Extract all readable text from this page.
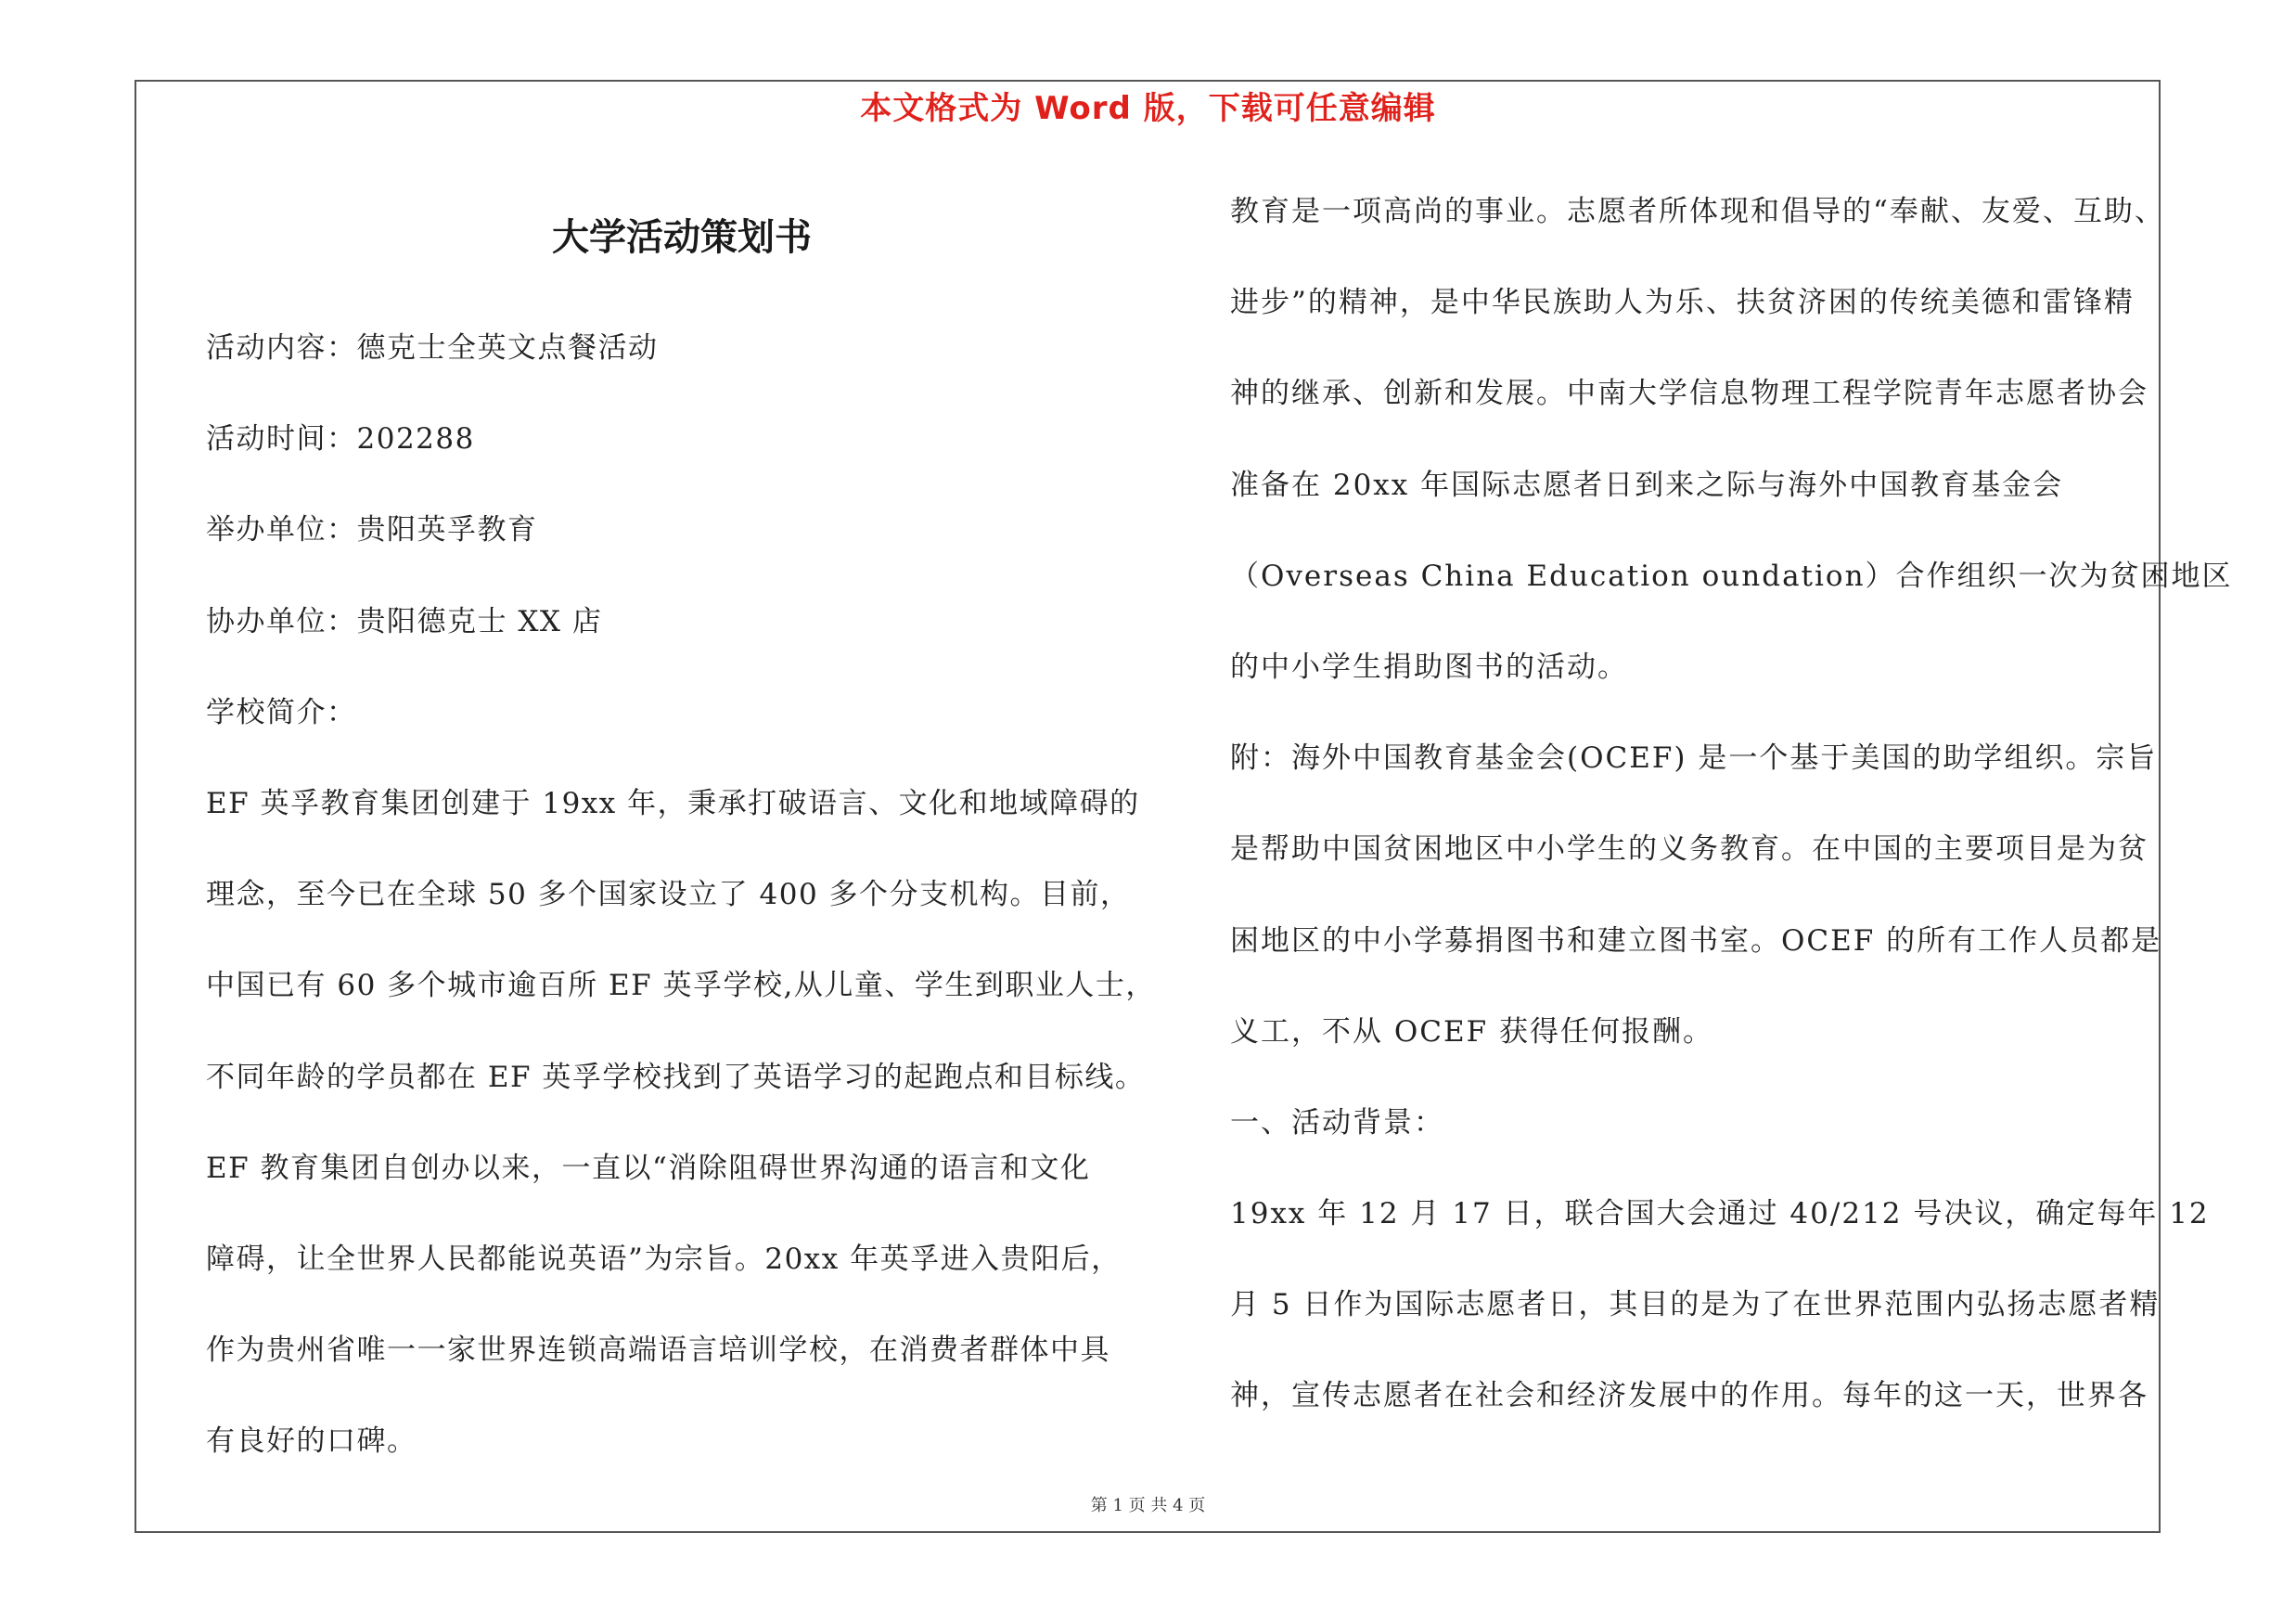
本文格式为 Word 版，下载可任意编辑
大学活动策划书
活动内容：德克士全英文点餐活动
活动时间：202288
举办单位：贵阳英孚教育
协办单位：贵阳德克士 XX 店
学校简介：
EF 英孚教育集团创建于 19xx 年，秉承打破语言、文化和地域障碍的
理念，至今已在全球 50 多个国家设立了 400 多个分支机构。目前，
中国已有 60 多个城市逾百所 EF 英孚学校,从儿童、学生到职业人士，
不同年龄的学员都在 EF 英孚学校找到了英语学习的起跑点和目标线。
EF 教育集团自创办以来，一直以“消除阻碍世界沟通的语言和文化
障碍，让全世界人民都能说英语”为宗旨。20xx 年英孚进入贵阳后，
作为贵州省唯一一家世界连锁高端语言培训学校，在消费者群体中具
有良好的口碑。
教育是一项高尚的事业。志愿者所体现和倡导的“奉献、友爱、互助、
进步”的精神，是中华民族助人为乐、扶贫济困的传统美德和雷锋精
神的继承、创新和发展。中南大学信息物理工程学院青年志愿者协会
准备在 20xx 年国际志愿者日到来之际与海外中国教育基金会
（Overseas China Education oundation）合作组织一次为贫困地区
的中小学生捐助图书的活动。
附：海外中国教育基金会(OCEF) 是一个基于美国的助学组织。宗旨
是帮助中国贫困地区中小学生的义务教育。在中国的主要项目是为贫
困地区的中小学募捐图书和建立图书室。OCEF 的所有工作人员都是
义工，不从 OCEF 获得任何报酬。
一、活动背景：
19xx 年 12 月 17 日，联合国大会通过 40/212 号决议，确定每年 12
月 5 日作为国际志愿者日，其目的是为了在世界范围内弘扬志愿者精
神，宣传志愿者在社会和经济发展中的作用。每年的这一天，世界各
第 1 页 共 4 页
